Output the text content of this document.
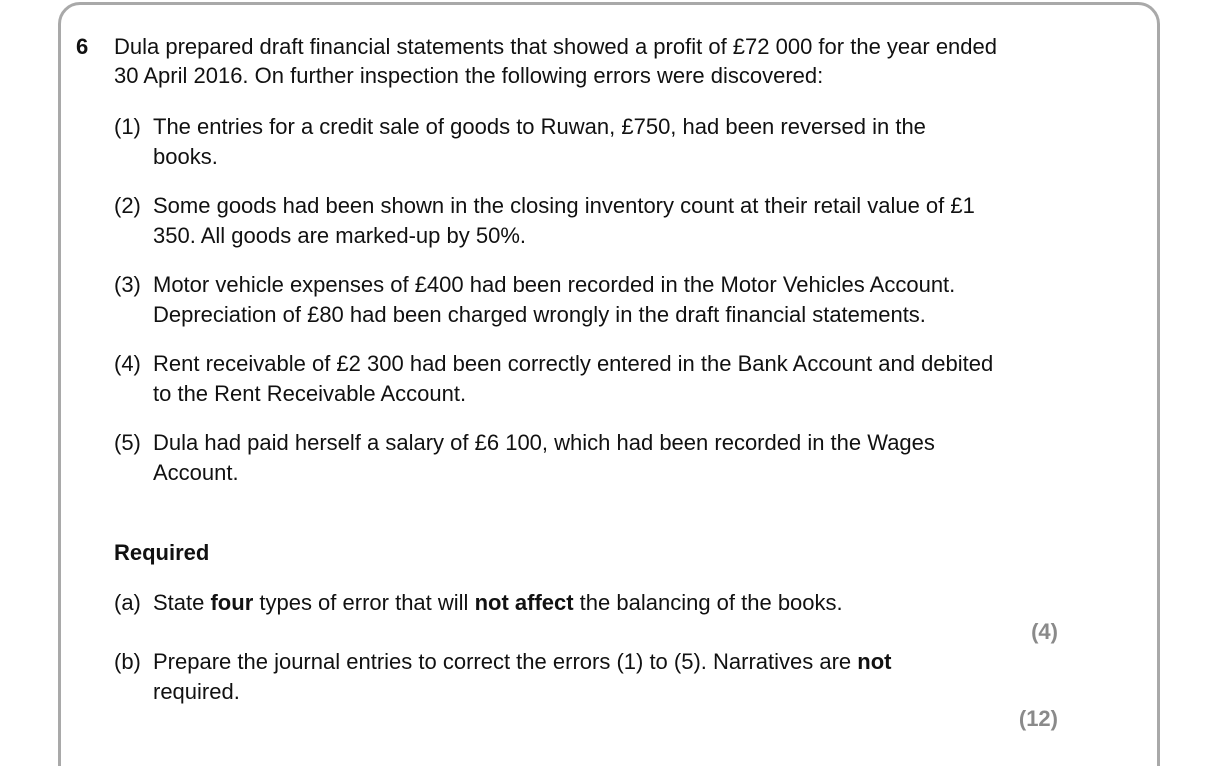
6 Dula prepared draft financial statements that showed a profit of £72 000 for the year ended 30 April 2016. On further inspection the following errors were discovered:
(1) The entries for a credit sale of goods to Ruwan, £750, had been reversed in the books.
(2) Some goods had been shown in the closing inventory count at their retail value of £1 350. All goods are marked-up by 50%.
(3) Motor vehicle expenses of £400 had been recorded in the Motor Vehicles Account. Depreciation of £80 had been charged wrongly in the draft financial statements.
(4) Rent receivable of £2 300 had been correctly entered in the Bank Account and debited to the Rent Receivable Account.
(5) Dula had paid herself a salary of £6 100, which had been recorded in the Wages Account.
Required
(a) State four types of error that will not affect the balancing of the books.
(4)
(b) Prepare the journal entries to correct the errors (1) to (5). Narratives are not required.
(12)
